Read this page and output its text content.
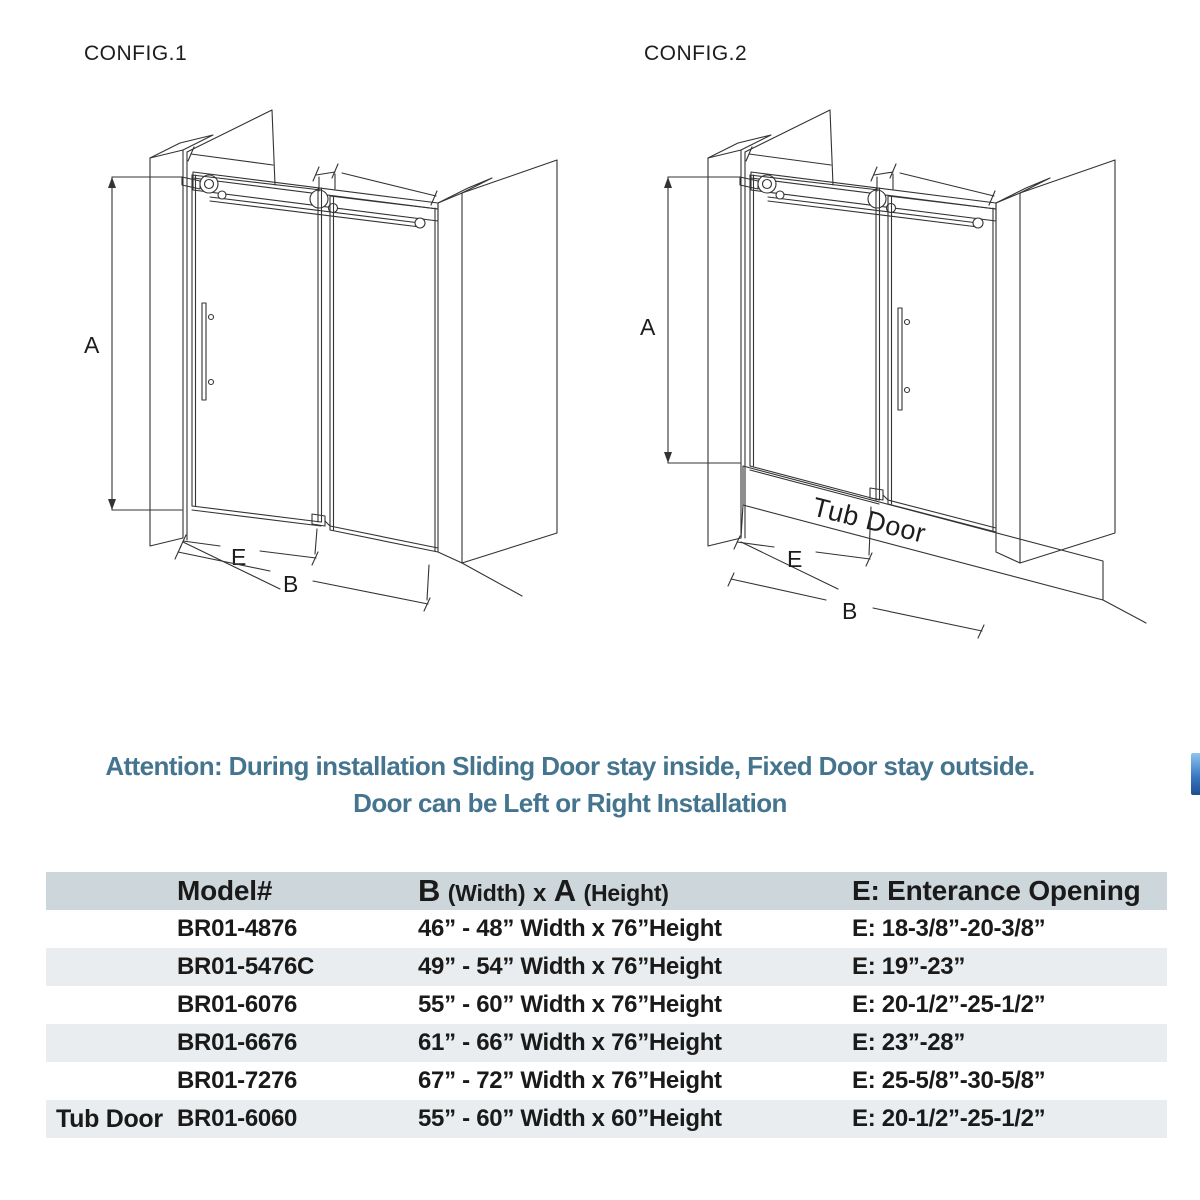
CONFIG.1	CONFIG.2
A
E
B
Tub Door
A
E
B
Attention: During installation Sliding Door stay inside, Fixed Door stay outside.
Door can be Left or Right Installation
Model#	B (Width) x A (Height)	E: Enterance Opening
BR01-4876	46” - 48” Width x 76”Height	E: 18-3/8”-20-3/8”
BR01-5476C	49” - 54” Width x 76”Height	E: 19”-23”
BR01-6076	55” - 60” Width x 76”Height	E: 20-1/2”-25-1/2”
BR01-6676	61” - 66” Width x 76”Height	E: 23”-28”
BR01-7276	67” - 72” Width x 76”Height	E: 25-5/8”-30-5/8”
Tub Door BR01-6060	55” - 60” Width x 60”Height	E: 20-1/2”-25-1/2”
